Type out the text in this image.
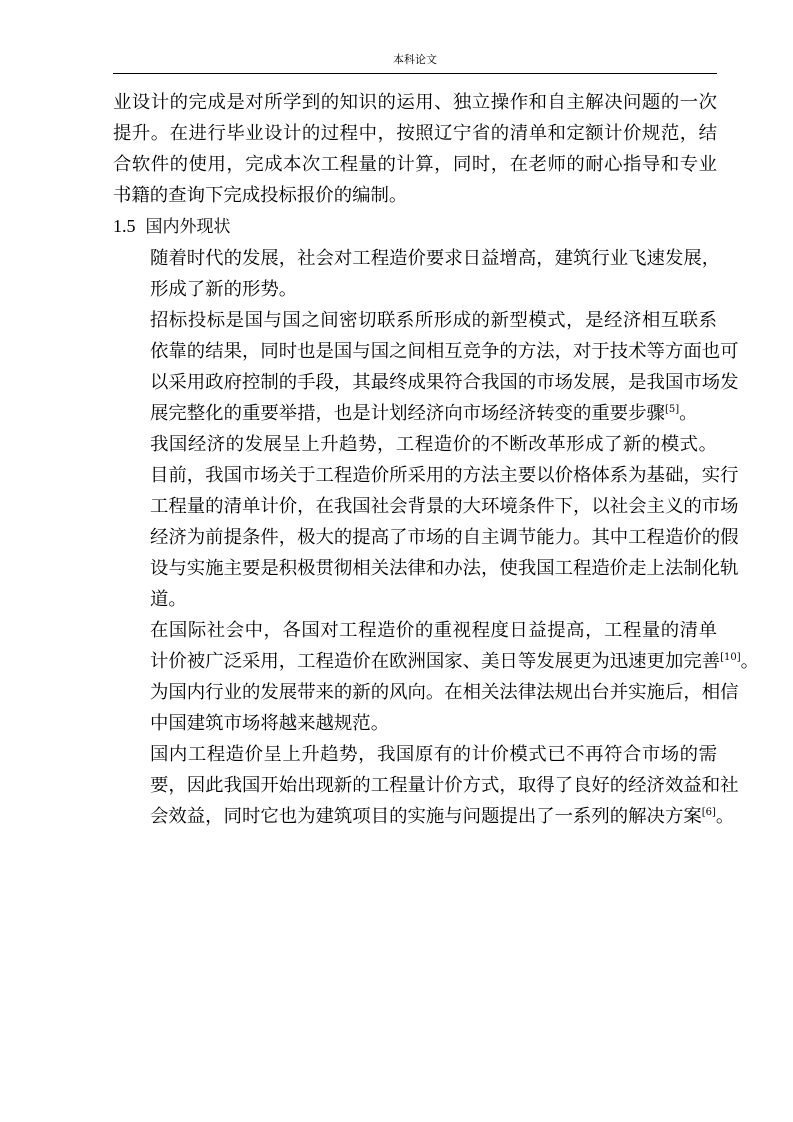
本科论文
业设计的完成是对所学到的知识的运用、独立操作和自主解决问题的一次
提升。在进行毕业设计的过程中，按照辽宁省的清单和定额计价规范，结
合软件的使用，完成本次工程量的计算，同时，在老师的耐心指导和专业
书籍的查询下完成投标报价的编制。
1.5 国内外现状
随着时代的发展，社会对工程造价要求日益增高，建筑行业飞速发展，
形成了新的形势。
招标投标是国与国之间密切联系所形成的新型模式，是经济相互联系
依靠的结果，同时也是国与国之间相互竞争的方法，对于技术等方面也可
以采用政府控制的手段，其最终成果符合我国的市场发展，是我国市场发
展完整化的重要举措，也是计划经济向市场经济转变的重要步骤[5]。
我国经济的发展呈上升趋势，工程造价的不断改革形成了新的模式。
目前，我国市场关于工程造价所采用的方法主要以价格体系为基础，实行
工程量的清单计价，在我国社会背景的大环境条件下，以社会主义的市场
经济为前提条件，极大的提高了市场的自主调节能力。其中工程造价的假
设与实施主要是积极贯彻相关法律和办法，使我国工程造价走上法制化轨
道。
在国际社会中，各国对工程造价的重视程度日益提高，工程量的清单
计价被广泛采用，工程造价在欧洲国家、美日等发展更为迅速更加完善[10]。
为国内行业的发展带来的新的风向。在相关法律法规出台并实施后，相信
中国建筑市场将越来越规范。
国内工程造价呈上升趋势，我国原有的计价模式已不再符合市场的需
要，因此我国开始出现新的工程量计价方式，取得了良好的经济效益和社
会效益，同时它也为建筑项目的实施与问题提出了一系列的解决方案[6]。
